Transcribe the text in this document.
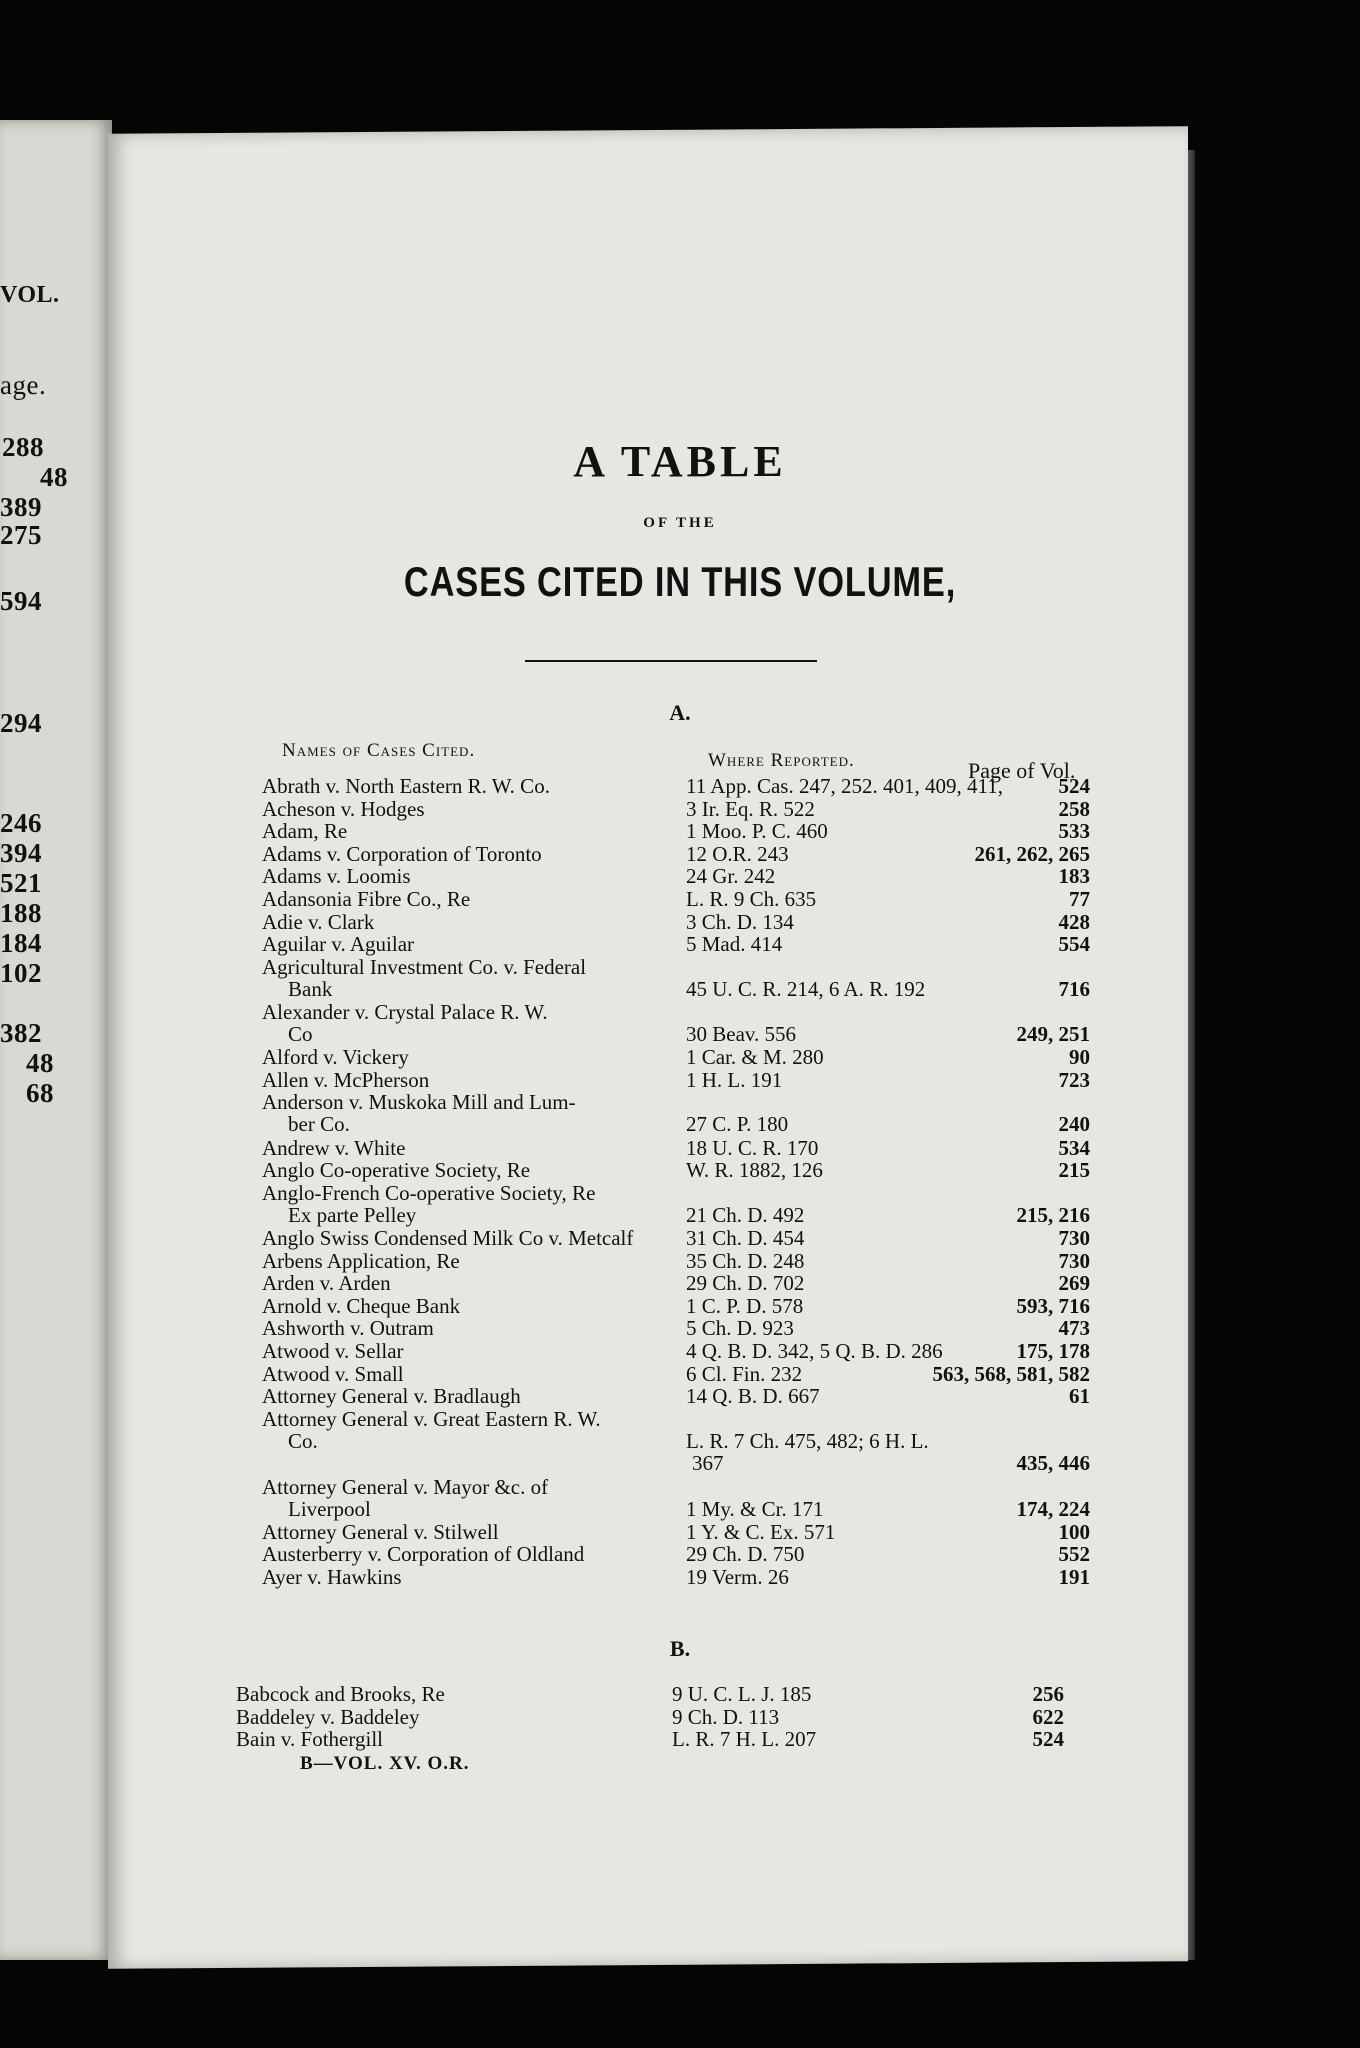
VOL.
age.
288
48
389
275
594
294
246
394
521
188
184
102
382
48
68
A TABLE
OF THE
CASES CITED IN THIS VOLUME,
A.
Names of Cases Cited.	Where Reported.	Page of Vol.
Abrath v. North Eastern R. W. Co.	11 App. Cas. 247, 252. 401, 409, 411,	524
Acheson v. Hodges	3 Ir. Eq. R. 522	258
Adam, Re	1 Moo. P. C. 460	533
Adams v. Corporation of Toronto	12 O.R. 243	261, 262, 265
Adams v. Loomis	24 Gr. 242	183
Adansonia Fibre Co., Re	L. R. 9 Ch. 635	77
Adie v. Clark	3 Ch. D. 134	428
Aguilar v. Aguilar	5 Mad. 414	554
Agricultural Investment Co. v. Federal
Bank	45 U. C. R. 214, 6 A. R. 192	716
Alexander v. Crystal Palace R. W.
Co	30 Beav. 556	249, 251
Alford v. Vickery	1 Car. & M. 280	90
Allen v. McPherson	1 H. L. 191	723
Anderson v. Muskoka Mill and Lum-
ber Co.	27 C. P. 180	240
Andrew v. White	18 U. C. R. 170	534
Anglo Co-operative Society, Re	W. R. 1882, 126	215
Anglo-French Co-operative Society, Re
Ex parte Pelley	21 Ch. D. 492	215, 216
Anglo Swiss Condensed Milk Co v. Metcalf	31 Ch. D. 454	730
Arbens Application, Re	35 Ch. D. 248	730
Arden v. Arden	29 Ch. D. 702	269
Arnold v. Cheque Bank	1 C. P. D. 578	593, 716
Ashworth v. Outram	5 Ch. D. 923	473
Atwood v. Sellar	4 Q. B. D. 342, 5 Q. B. D. 286	175, 178
Atwood v. Small	6 Cl. Fin. 232	563, 568, 581, 582
Attorney General v. Bradlaugh	14 Q. B. D. 667	61
Attorney General v. Great Eastern R. W.
Co.	L. R. 7 Ch. 475, 482; 6 H. L.
367	435, 446
Attorney General v. Mayor &c. of
Liverpool	1 My. & Cr. 171	174, 224
Attorney General v. Stilwell	1 Y. & C. Ex. 571	100
Austerberry v. Corporation of Oldland	29 Ch. D. 750	552
Ayer v. Hawkins	19 Verm. 26	191
B.
Babcock and Brooks, Re	9 U. C. L. J. 185	256
Baddeley v. Baddeley	9 Ch. D. 113	622
Bain v. Fothergill	L. R. 7 H. L. 207	524
B—VOL. XV. O.R.
